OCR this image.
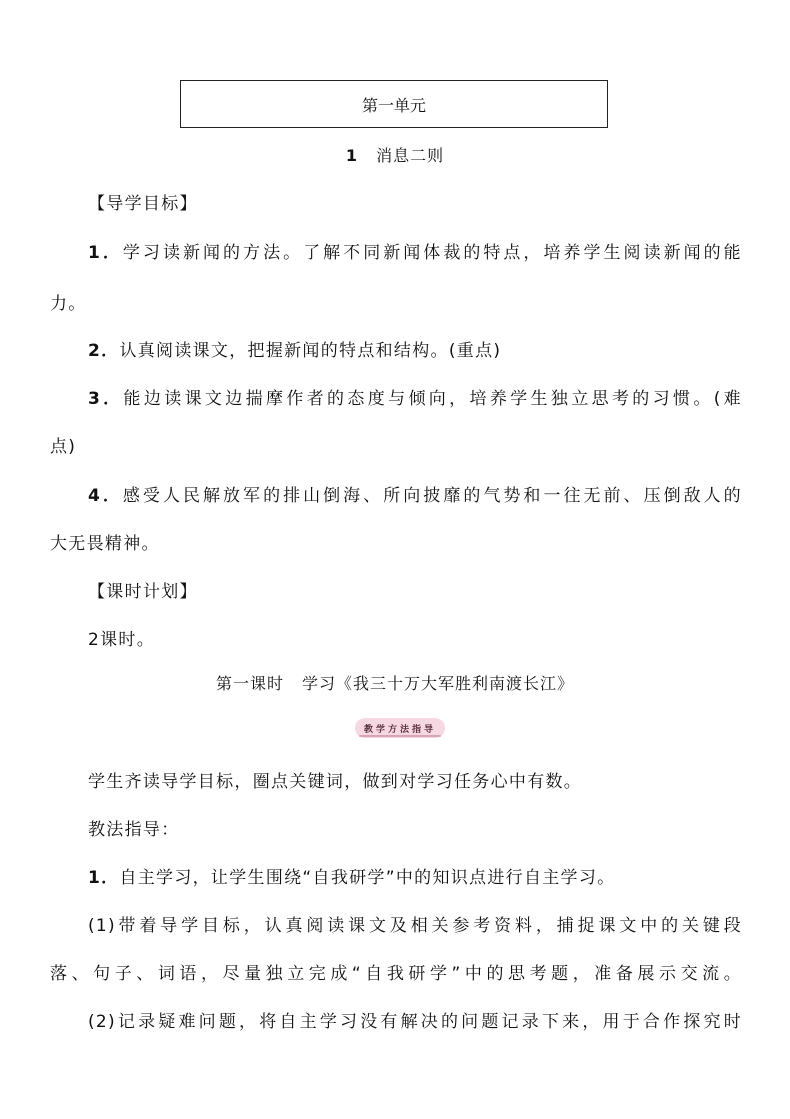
第一单元
1 消息二则
【导学目标】
1．学习读新闻的方法。了解不同新闻体裁的特点，培养学生阅读新闻的能
力。
2．认真阅读课文，把握新闻的特点和结构。(重点)
3．能边读课文边揣摩作者的态度与倾向，培养学生独立思考的习惯。(难
点)
4．感受人民解放军的排山倒海、所向披靡的气势和一往无前、压倒敌人的
大无畏精神。
【课时计划】
2课时。
第一课时 学习《我三十万大军胜利南渡长江》
教学方法指导
学生齐读导学目标，圈点关键词，做到对学习任务心中有数。
教法指导：
1．自主学习，让学生围绕“自我研学”中的知识点进行自主学习。
(1)带着导学目标，认真阅读课文及相关参考资料，捕捉课文中的关键段
落、句子、词语，尽量独立完成“自我研学”中的思考题，准备展示交流。
(2)记录疑难问题，将自主学习没有解决的问题记录下来，用于合作探究时
